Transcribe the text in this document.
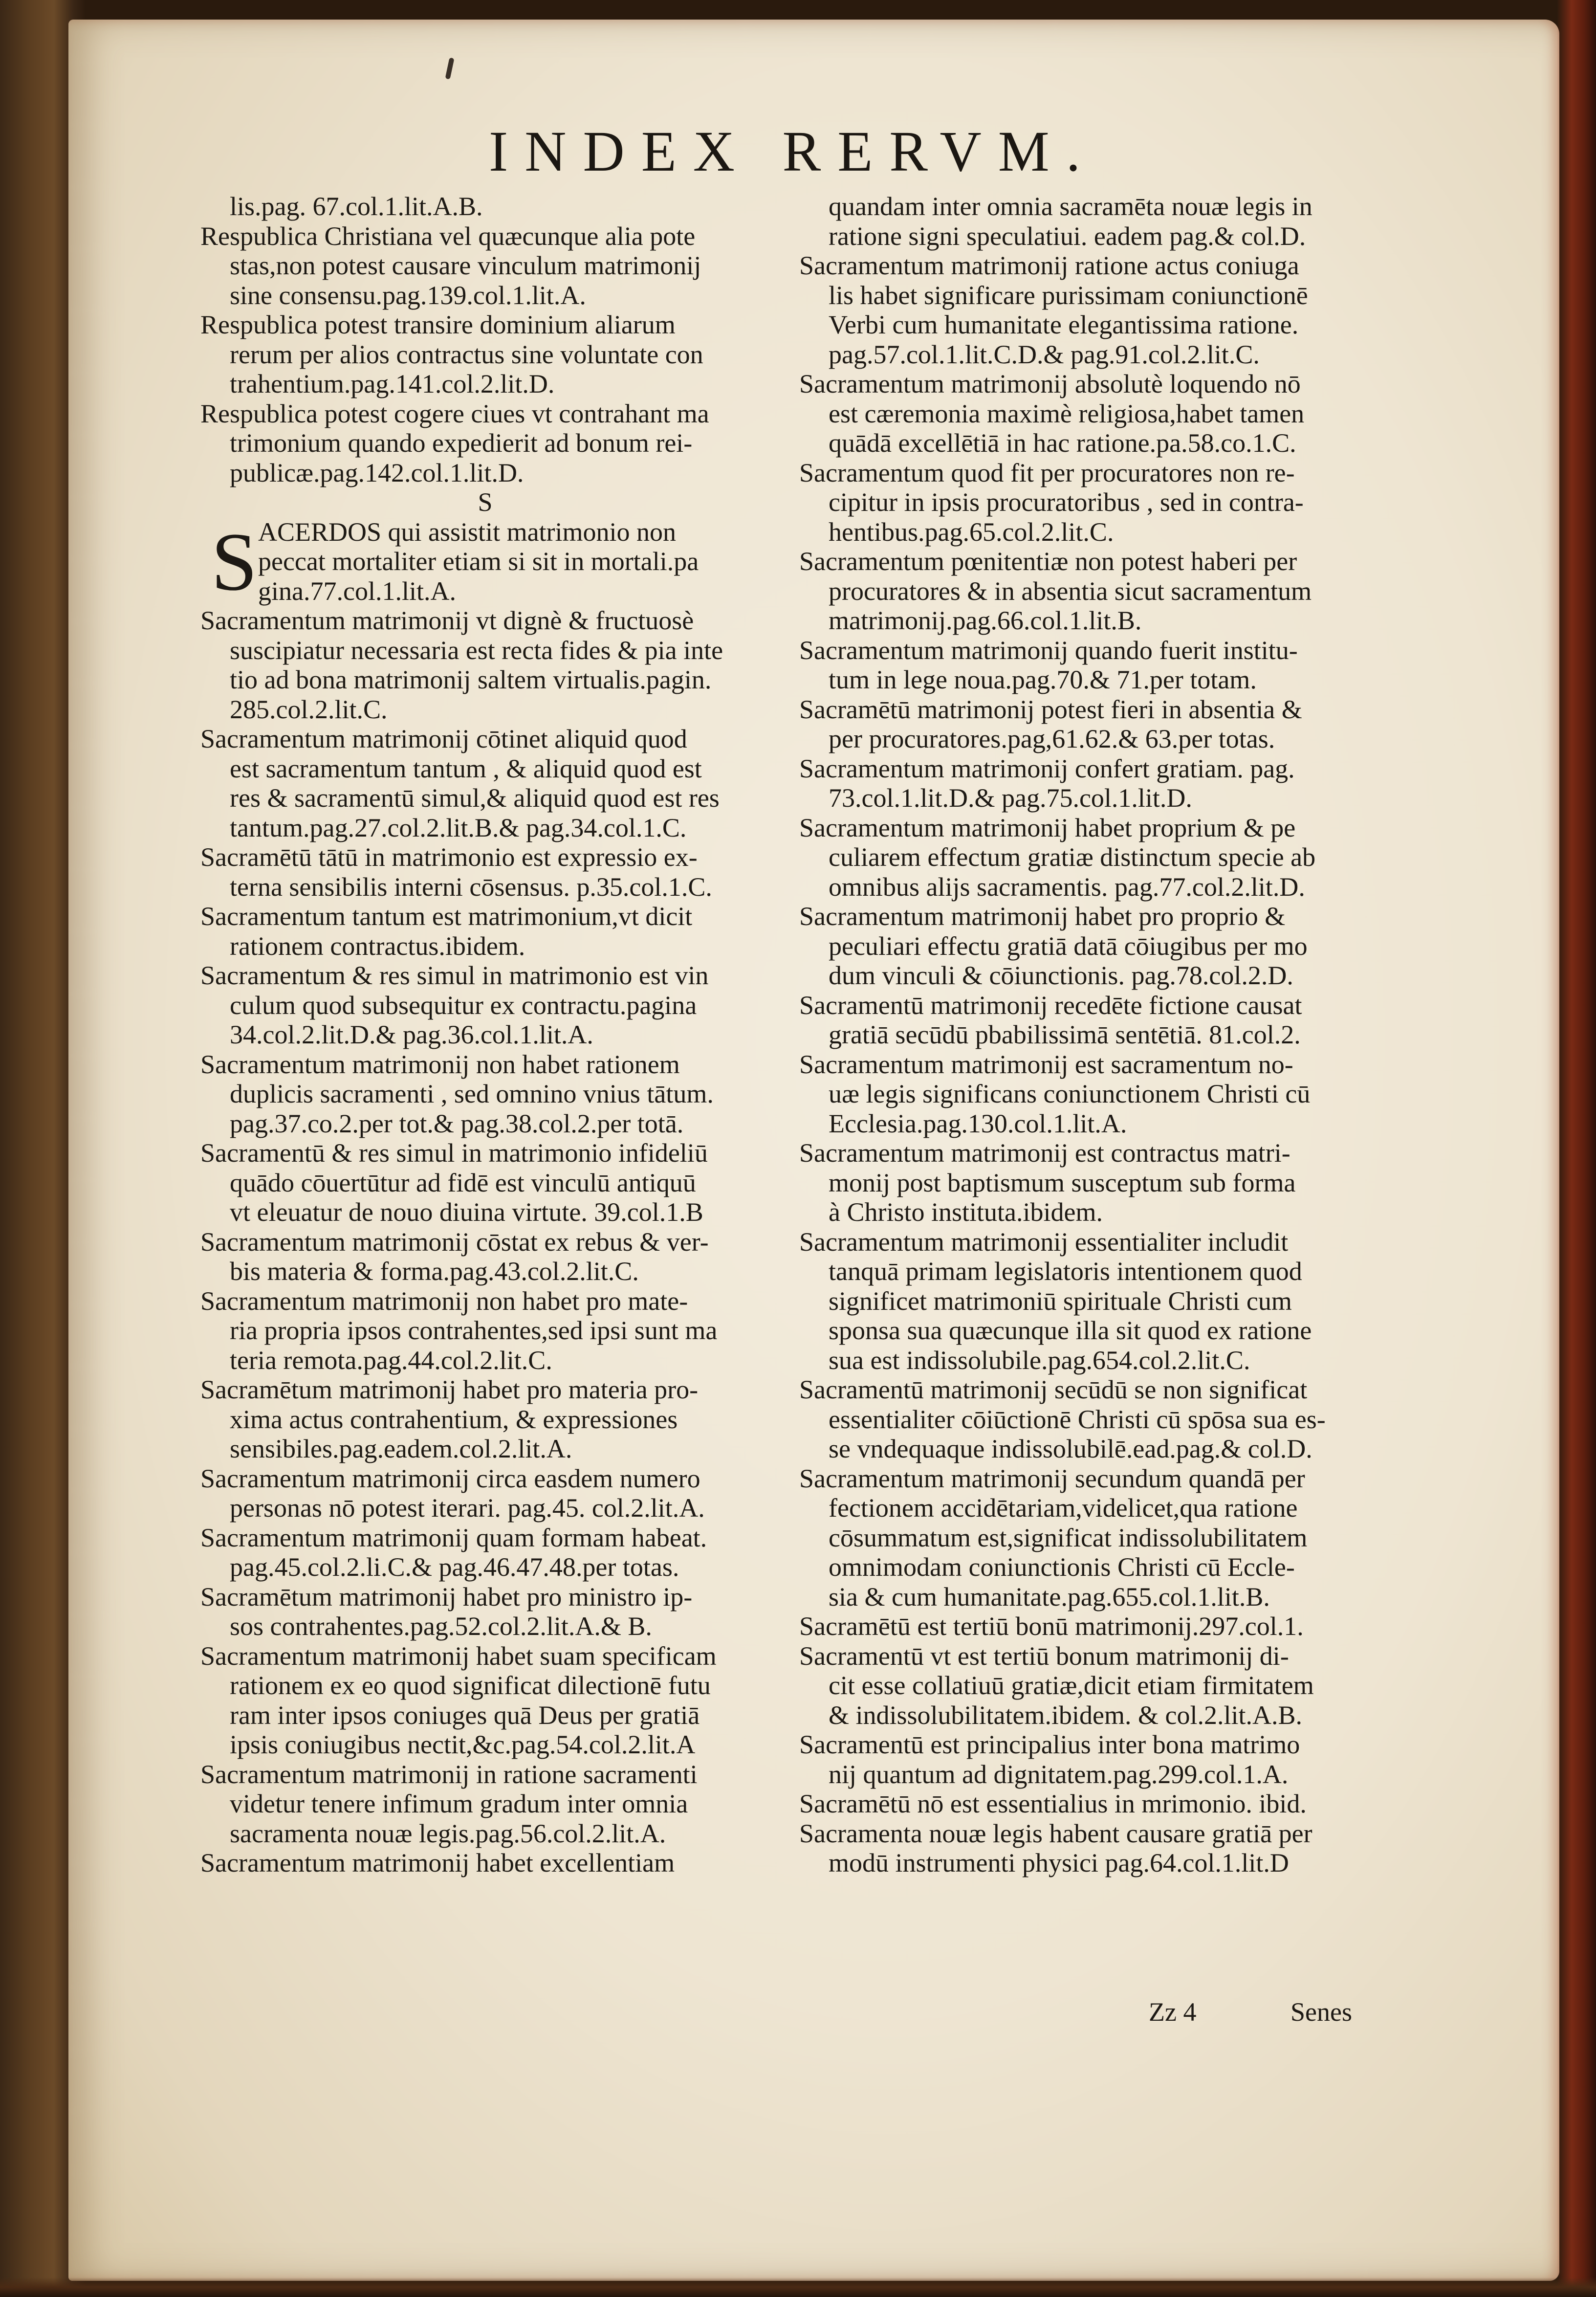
INDEX RERVM.

lis.pag. 67.col.1.lit.A.B.

Respublica Christiana vel quæcunque alia pote
stas,non potest causare vinculum matrimonij
sine consensu.pag.139.col.1.lit.A.

Respublica potest transire dominium aliarum
rerum per alios contractus sine voluntate con
trahentium.pag.141.col.2.lit.D.

Respublica potest cogere ciues vt contrahant ma
trimonium quando expedierit ad bonum rei-
publicæ.pag.142.col.1.lit.D.

S

S ACERDOS qui assistit matrimonio non
peccat mortaliter etiam si sit in mortali.pa
gina.77.col.1.lit.A.

Sacramentum matrimonij vt dignè & fructuosè
suscipiatur necessaria est recta fides & pia inte
tio ad bona matrimonij saltem virtualis.pagin.
285.col.2.lit.C.

Sacramentum matrimonij cōtinet aliquid quod
est sacramentum tantum , & aliquid quod est
res & sacramentū simul,& aliquid quod est res
tantum.pag.27.col.2.lit.B.& pag.34.col.1.C.

Sacramētū tātū in matrimonio est expressio ex-
terna sensibilis interni cōsensus. p.35.col.1.C.

Sacramentum tantum est matrimonium,vt dicit
rationem contractus.ibidem.

Sacramentum & res simul in matrimonio est vin
culum quod subsequitur ex contractu.pagina
34.col.2.lit.D.& pag.36.col.1.lit.A.

Sacramentum matrimonij non habet rationem
duplicis sacramenti , sed omnino vnius tātum.
pag.37.co.2.per tot.& pag.38.col.2.per totā.

Sacramentū & res simul in matrimonio infideliū
quādo cōuertūtur ad fidē est vinculū antiquū
vt eleuatur de nouo diuina virtute. 39.col.1.B

Sacramentum matrimonij cōstat ex rebus & ver-
bis materia & forma.pag.43.col.2.lit.C.

Sacramentum matrimonij non habet pro mate-
ria propria ipsos contrahentes,sed ipsi sunt ma
teria remota.pag.44.col.2.lit.C.

Sacramētum matrimonij habet pro materia pro-
xima actus contrahentium, & expressiones
sensibiles.pag.eadem.col.2.lit.A.

Sacramentum matrimonij circa easdem numero
personas nō potest iterari. pag.45. col.2.lit.A.

Sacramentum matrimonij quam formam habeat.
pag.45.col.2.li.C.& pag.46.47.48.per totas.

Sacramētum matrimonij habet pro ministro ip-
sos contrahentes.pag.52.col.2.lit.A.& B.

Sacramentum matrimonij habet suam specificam
rationem ex eo quod significat dilectionē futu
ram inter ipsos coniuges quā Deus per gratiā
ipsis coniugibus nectit,&c.pag.54.col.2.lit.A

Sacramentum matrimonij in ratione sacramenti
videtur tenere infimum gradum inter omnia
sacramenta nouæ legis.pag.56.col.2.lit.A.

Sacramentum matrimonij habet excellentiam

quandam inter omnia sacramēta nouæ legis in
ratione signi speculatiui. eadem pag.& col.D.

Sacramentum matrimonij ratione actus coniuga
lis habet significare purissimam coniunctionē
Verbi cum humanitate elegantissima ratione.
pag.57.col.1.lit.C.D.& pag.91.col.2.lit.C.

Sacramentum matrimonij absolutè loquendo nō
est cæremonia maximè religiosa,habet tamen
quādā excellētiā in hac ratione.pa.58.co.1.C.

Sacramentum quod fit per procuratores non re-
cipitur in ipsis procuratoribus , sed in contra-
hentibus.pag.65.col.2.lit.C.

Sacramentum pœnitentiæ non potest haberi per
procuratores & in absentia sicut sacramentum
matrimonij.pag.66.col.1.lit.B.

Sacramentum matrimonij quando fuerit institu-
tum in lege noua.pag.70.& 71.per totam.

Sacramētū matrimonij potest fieri in absentia &
per procuratores.pag,61.62.& 63.per totas.

Sacramentum matrimonij confert gratiam. pag.
73.col.1.lit.D.& pag.75.col.1.lit.D.

Sacramentum matrimonij habet proprium & pe
culiarem effectum gratiæ distinctum specie ab
omnibus alijs sacramentis. pag.77.col.2.lit.D.

Sacramentum matrimonij habet pro proprio &
peculiari effectu gratiā datā cōiugibus per mo
dum vinculi & cōiunctionis. pag.78.col.2.D.

Sacramentū matrimonij recedēte fictione causat
gratiā secūdū pbabilissimā sentētiā. 81.col.2.

Sacramentum matrimonij est sacramentum no-
uæ legis significans coniunctionem Christi cū
Ecclesia.pag.130.col.1.lit.A.

Sacramentum matrimonij est contractus matri-
monij post baptismum susceptum sub forma
à Christo instituta.ibidem.

Sacramentum matrimonij essentialiter includit
tanquā primam legislatoris intentionem quod
significet matrimoniū spirituale Christi cum
sponsa sua quæcunque illa sit quod ex ratione
sua est indissolubile.pag.654.col.2.lit.C.

Sacramentū matrimonij secūdū se non significat
essentialiter cōiūctionē Christi cū spōsa sua es-
se vndequaque indissolubilē.ead.pag.& col.D.

Sacramentum matrimonij secundum quandā per
fectionem accidētariam,videlicet,qua ratione
cōsummatum est,significat indissolubilitatem
omnimodam coniunctionis Christi cū Eccle-
sia & cum humanitate.pag.655.col.1.lit.B.

Sacramētū est tertiū bonū matrimonij.297.col.1.

Sacramentū vt est tertiū bonum matrimonij di-
cit esse collatiuū gratiæ,dicit etiam firmitatem
& indissolubilitatem.ibidem. & col.2.lit.A.B.

Sacramentū est principalius inter bona matrimo
nij quantum ad dignitatem.pag.299.col.1.A.

Sacramētū nō est essentialius in mrimonio. ibid.

Sacramenta nouæ legis habent causare gratiā per
modū instrumenti physici pag.64.col.1.lit.D

Zz 4	Senes
